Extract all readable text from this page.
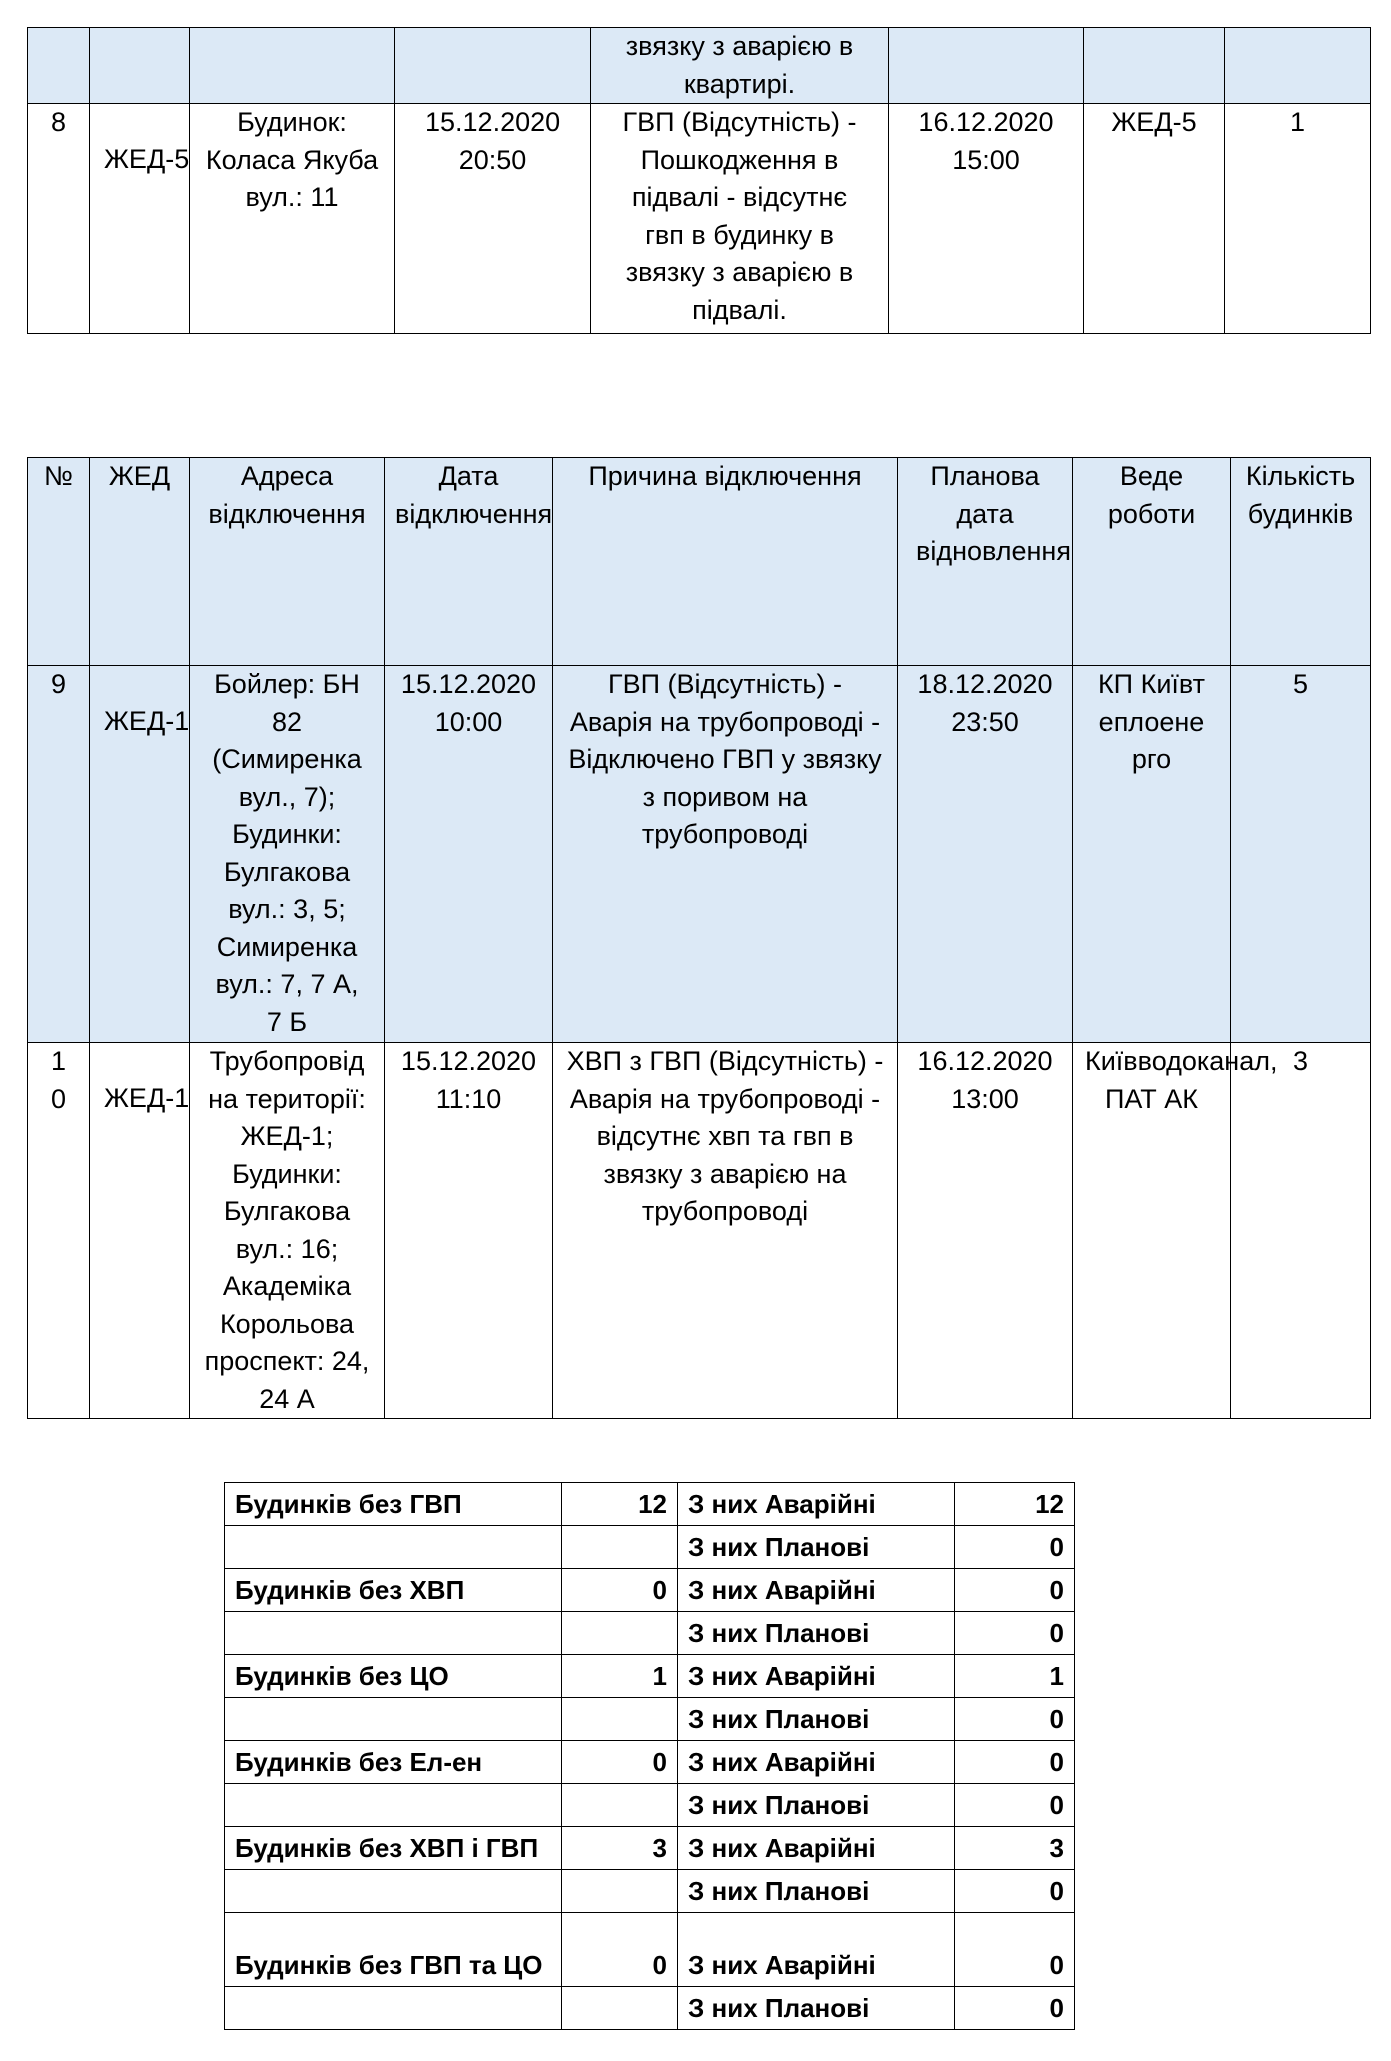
				звязку з аварією в квартирі.			
8	ЖЕД-5	Будинок: Коласа Якуба вул.: 11	15.12.2020 20:50	ГВП (Відсутність) - Пошкодження в підвалі - відсутнє гвп в будинку в звязку з аварією в підвалі.	16.12.2020 15:00	ЖЕД-5	1
№	ЖЕД	Адреса відключення	Дата відключення	Причина відключення	Планова дата відновлення	Веде роботи	Кількість будинків
9	ЖЕД-1	Бойлер: БН 82 (Симиренка вул., 7); Будинки: Булгакова вул.: 3, 5; Симиренка вул.: 7, 7 А, 7 Б	15.12.2020 10:00	ГВП (Відсутність) - Аварія на трубопроводі - Відключено ГВП у звязку з поривом на трубопроводі	18.12.2020 23:50	КП Київтеплоенерго	5
10	ЖЕД-1	Трубопровід на території: ЖЕД-1; Будинки: Булгакова вул.: 16; Академіка Корольова проспект: 24, 24 А	15.12.2020 11:10	ХВП з ГВП (Відсутність) - Аварія на трубопроводі - відсутнє хвп та гвп в звязку з аварією на трубопроводі	16.12.2020 13:00	Київводоканал, ПАТ АК	3
Будинків без ГВП	12	З них Аварійні	12
		З них Планові	0
Будинків без ХВП	0	З них Аварійні	0
		З них Планові	0
Будинків без ЦО	1	З них Аварійні	1
		З них Планові	0
Будинків без Ел-ен	0	З них Аварійні	0
		З них Планові	0
Будинків без ХВП і ГВП	3	З них Аварійні	3
		З них Планові	0
Будинків без ГВП та ЦО	0	З них Аварійні	0
		З них Планові	0
